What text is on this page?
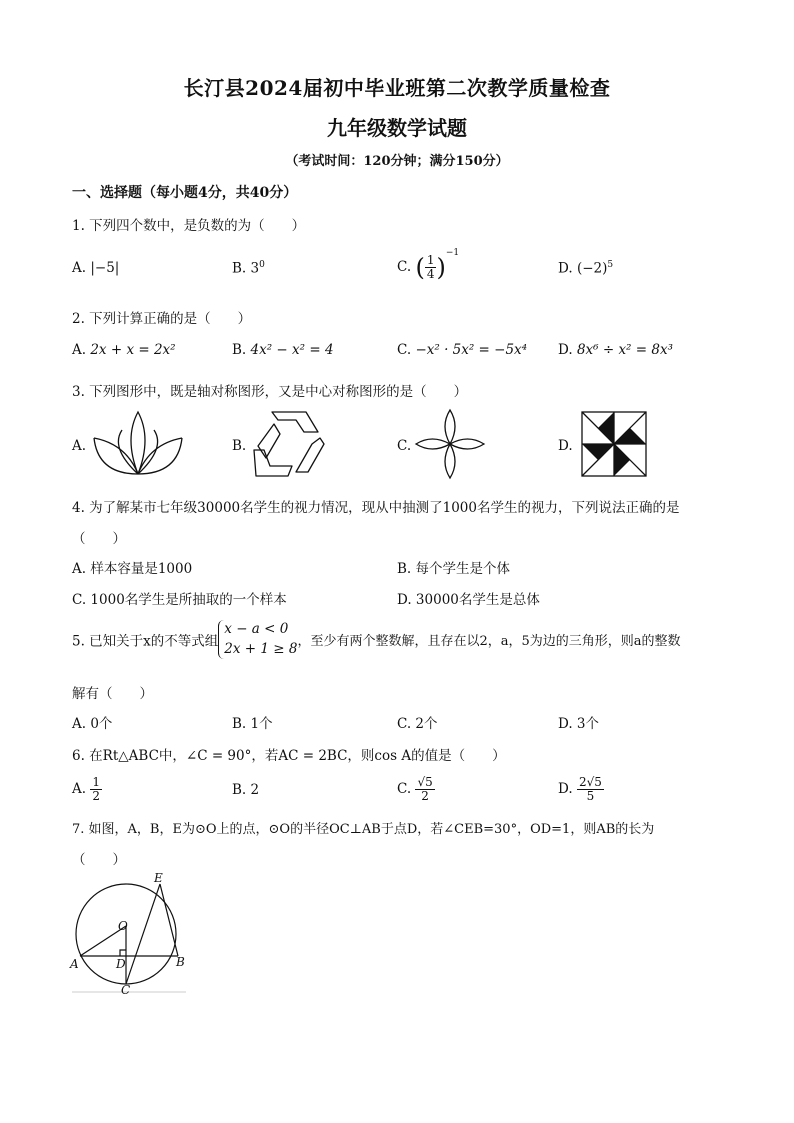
长汀县2024届初中毕业班第二次教学质量检查
九年级数学试题
（考试时间：120分钟；满分150分）
一、选择题（每小题4分，共40分）
1. 下列四个数中，是负数的为（　　）
A. |−5|	B. $3^0$	C. ( $\frac{1}{4} )^{-1}$
D. $(-2)^5$
2. 下列计算正确的是（　　）
A. 2x + x = 2x²	B. 4x² − x² = 4	C. −x² · 5x² = −5x⁴ D. 8x⁶ ÷ x² = 8x³
3. 下列图形中，既是轴对称图形，又是中心对称图形的是（　　）
A.	B.	C.	D.
4. 为了解某市七年级30000名学生的视力情况，现从中抽测了1000名学生的视力，下列说法正确的是
（　　）
A. 样本容量是1000	B. 每个学生是个体
C. 1000名学生是所抽取的一个样本	D. 30000名学生是总体
5. 已知关于x的不等式组
x − a < 0
2x + 1 ≥ 8 ，至少有两个整数解，且存在以2，a，5为边的三角形，则a的整数
解有（　　）
A. 0个	B. 1个	C. 2个	D. 3个
6. 在Rt△ABC中，∠C = 90°，若AC = 2BC，则cos A的值是（　　）
A. $\frac{1}{2}$	B. 2	C. $\frac{√5}{2}$	D. $\frac{2√5}{5}$
7. 如图，A，B，E为⊙O上的点，⊙O的半径OC⊥AB于点D，若∠CEB=30°，OD=1，则AB的长为
（　　）
E
O
A	D	B
C
